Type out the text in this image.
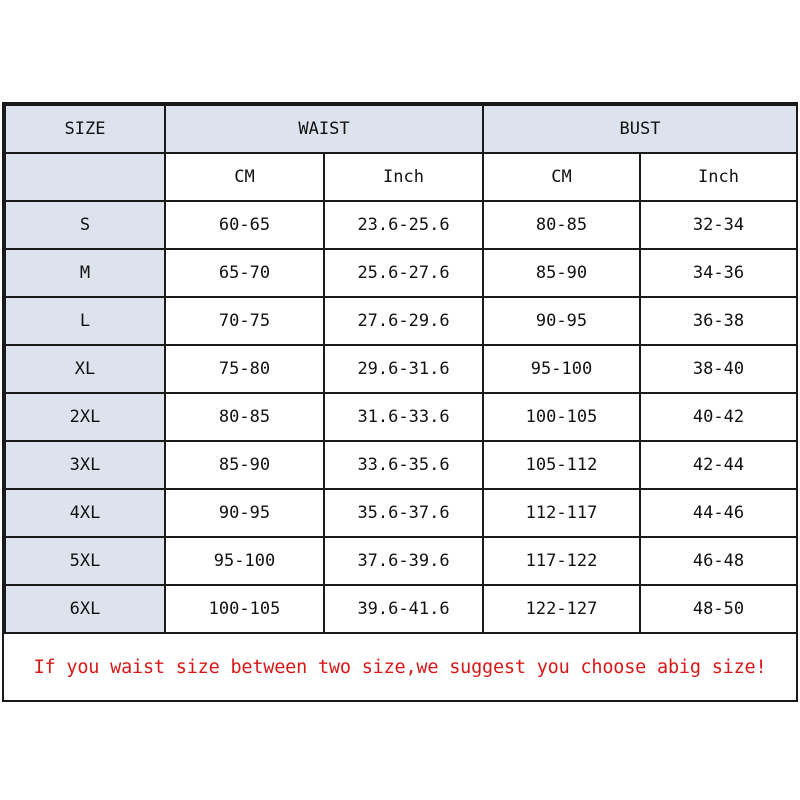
SIZE	WAIST		BUST	
	CM	Inch	CM	Inch
S	60-65	23.6-25.6	80-85	32-34
M	65-70	25.6-27.6	85-90	34-36
L	70-75	27.6-29.6	90-95	36-38
XL	75-80	29.6-31.6	95-100	38-40
2XL	80-85	31.6-33.6	100-105	40-42
3XL	85-90	33.6-35.6	105-112	42-44
4XL	90-95	35.6-37.6	112-117	44-46
5XL	95-100	37.6-39.6	117-122	46-48
6XL	100-105	39.6-41.6	122-127	48-50
If you waist size between two size,we suggest you choose abig size!
